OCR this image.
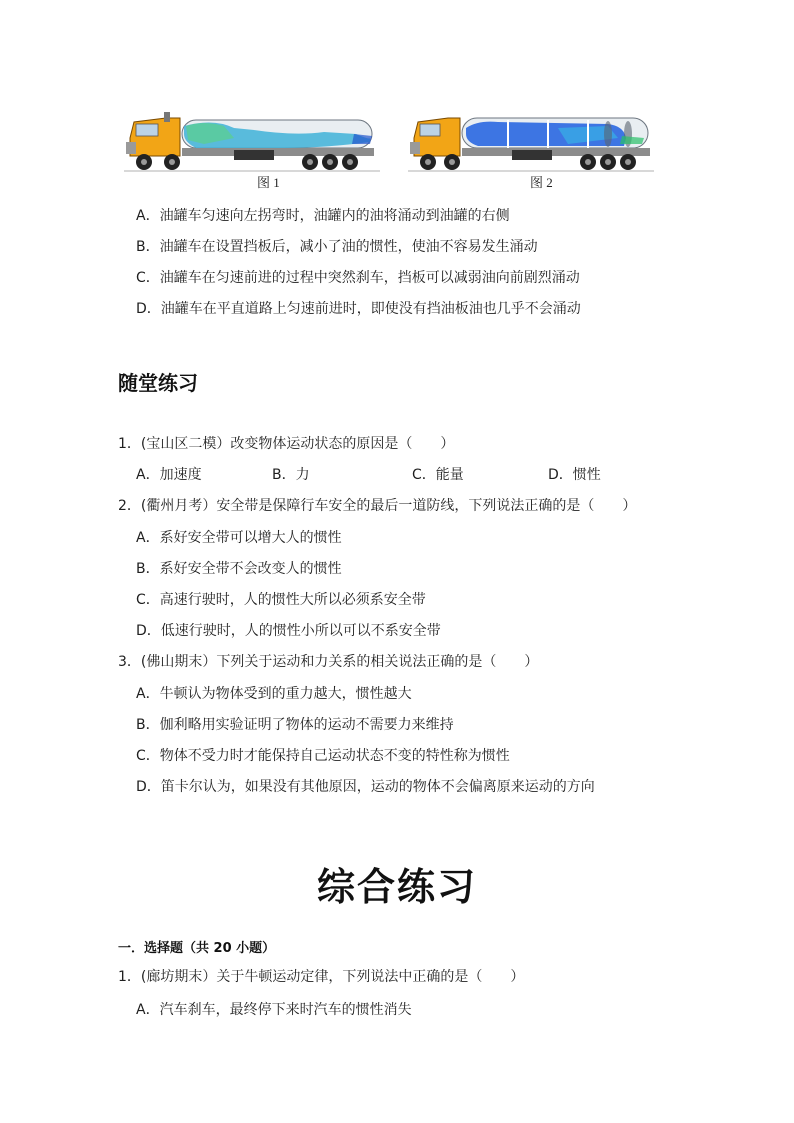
图 1	图 2
A．油罐车匀速向左拐弯时，油罐内的油将涌动到油罐的右侧
B．油罐车在设置挡板后，减小了油的惯性，使油不容易发生涌动
C．油罐车在匀速前进的过程中突然刹车，挡板可以减弱油向前剧烈涌动
D．油罐车在平直道路上匀速前进时，即使没有挡油板油也几乎不会涌动
随堂练习
1．(宝山区二模）改变物体运动状态的原因是（　　）
A．加速度	B．力	C．能量	D．惯性
2．(衢州月考）安全带是保障行车安全的最后一道防线，下列说法正确的是（　　）
A．系好安全带可以增大人的惯性
B．系好安全带不会改变人的惯性
C．高速行驶时，人的惯性大所以必须系安全带
D．低速行驶时，人的惯性小所以可以不系安全带
3．(佛山期末）下列关于运动和力关系的相关说法正确的是（　　）
A．牛顿认为物体受到的重力越大，惯性越大
B．伽利略用实验证明了物体的运动不需要力来维持
C．物体不受力时才能保持自己运动状态不变的特性称为惯性
D．笛卡尔认为，如果没有其他原因，运动的物体不会偏离原来运动的方向
综合练习
一．选择题（共 20 小题）
1．(廊坊期末）关于牛顿运动定律，下列说法中正确的是（　　）
A．汽车刹车，最终停下来时汽车的惯性消失
